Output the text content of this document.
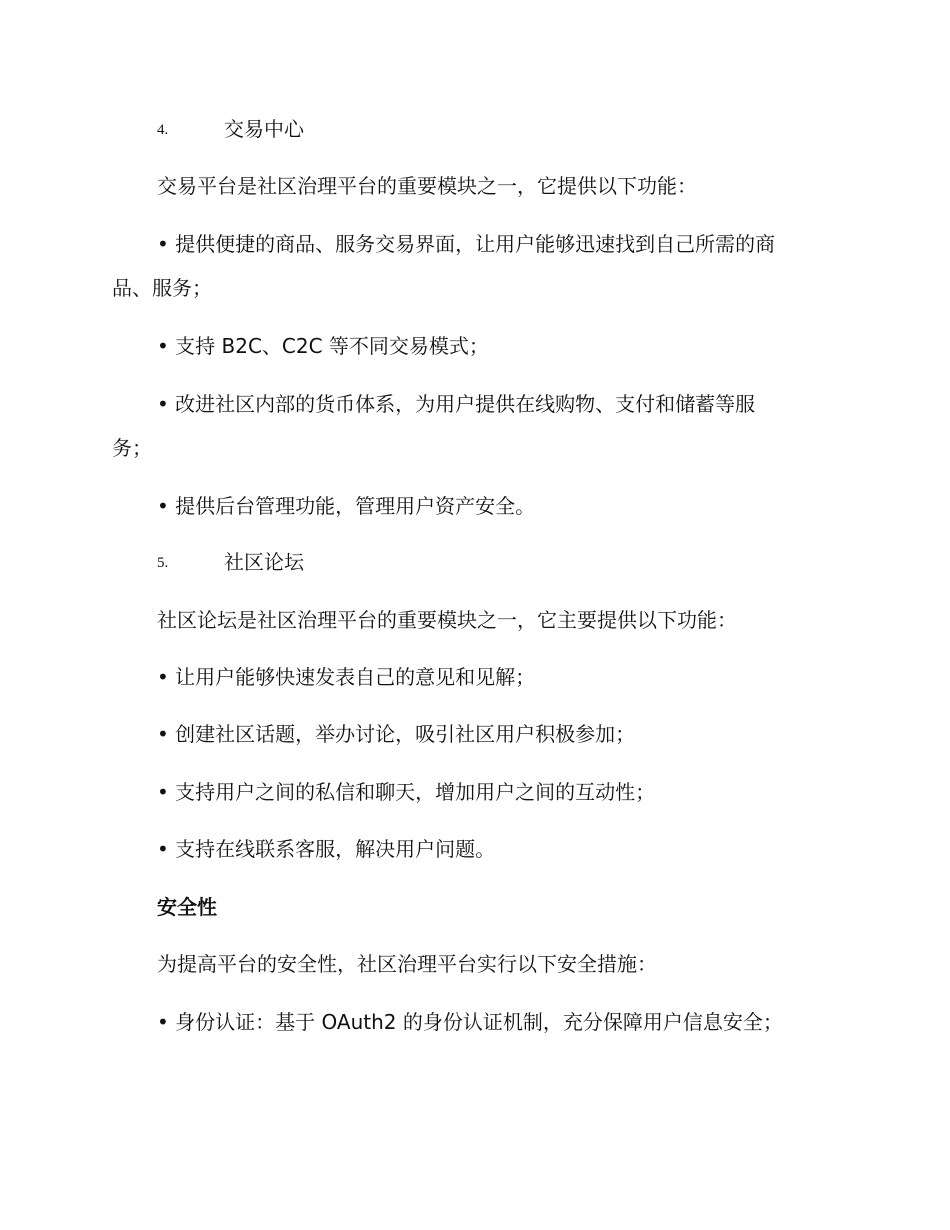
4.	交易中心
交易平台是社区治理平台的重要模块之一，它提供以下功能：
• 提供便捷的商品、服务交易界面，让用户能够迅速找到自己所需的商
品、服务；
• 支持 B2C、C2C 等不同交易模式；
• 改进社区内部的货币体系，为用户提供在线购物、支付和储蓄等服
务；
• 提供后台管理功能，管理用户资产安全。
5.	社区论坛
社区论坛是社区治理平台的重要模块之一，它主要提供以下功能：
• 让用户能够快速发表自己的意见和见解；
• 创建社区话题，举办讨论，吸引社区用户积极参加；
• 支持用户之间的私信和聊天，增加用户之间的互动性；
• 支持在线联系客服，解决用户问题。
安全性
为提高平台的安全性，社区治理平台实行以下安全措施：
• 身份认证：基于 OAuth2 的身份认证机制，充分保障用户信息安全；
